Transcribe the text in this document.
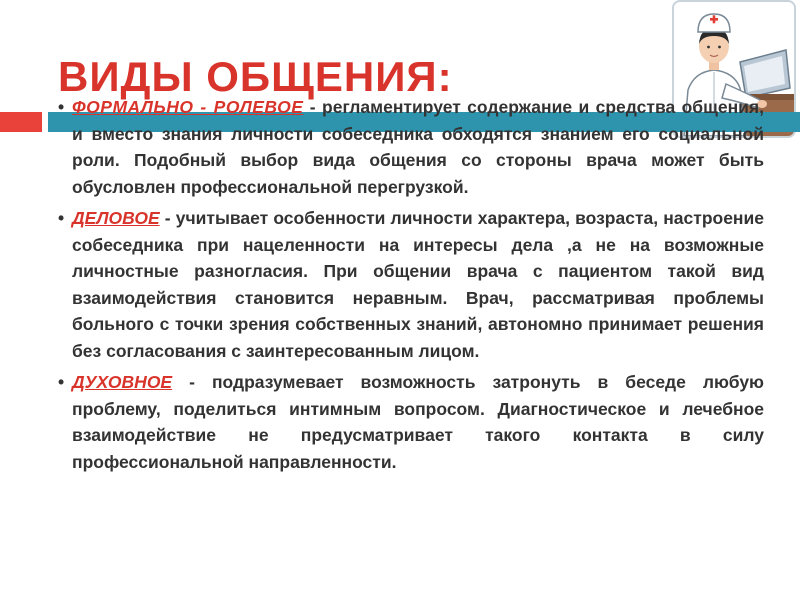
ВИДЫ ОБЩЕНИЯ:
• ФОРМАЛЬНО - РОЛЕВОЕ - регламентирует содержание и средства общения, и вместо знания личности собеседника обходятся знанием его социальной роли. Подобный выбор вида общения со стороны врача может быть обусловлен профессиональной перегрузкой.
• ДЕЛОВОЕ - учитывает особенности личности характера, возраста, настроение собеседника при нацеленности на интересы дела ,а не на возможные личностные разногласия. При общении врача с пациентом такой вид взаимодействия становится неравным. Врач, рассматривая проблемы больного с точки зрения собственных знаний, автономно принимает решения без согласования с заинтересованным лицом.
• ДУХОВНОЕ - подразумевает возможность затронуть в беседе любую проблему, поделиться интимным вопросом. Диагностическое и лечебное взаимодействие не предусматривает такого контакта в силу профессиональной направленности.
